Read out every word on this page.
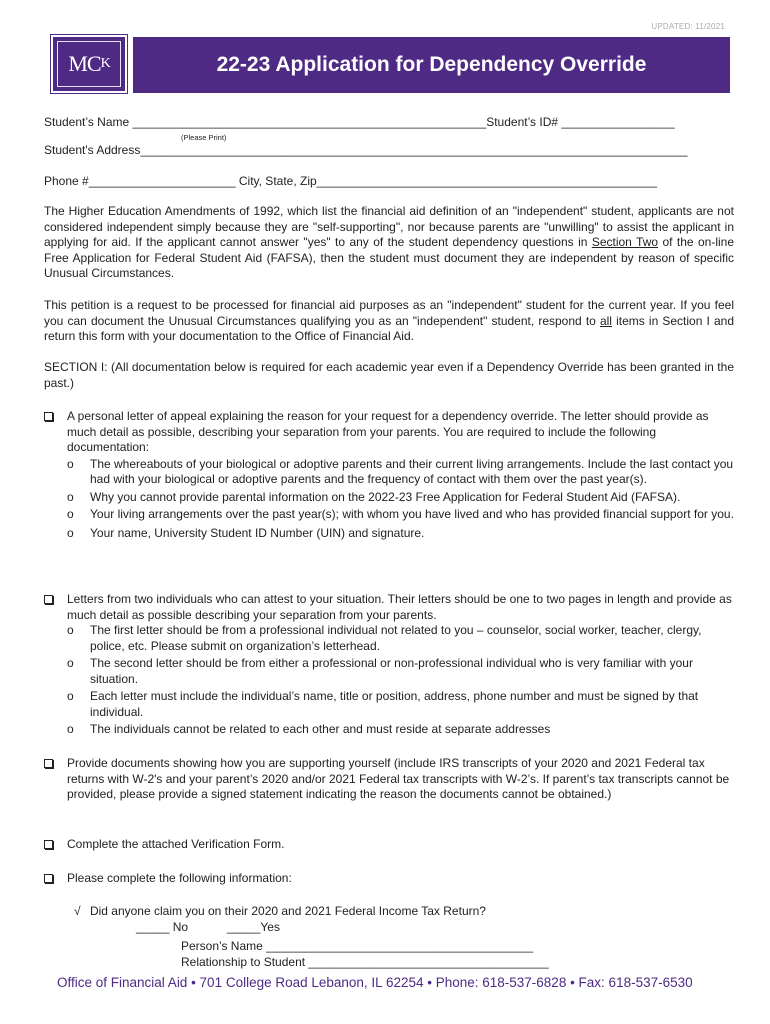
UPDATED: 11/2021
MC K	22-23 Application for Dependency Override
Student’s Name _____________________________________________________Student’s ID# _________________
(Please Print)
Student's Address__________________________________________________________________________________
Phone #______________________ City, State, Zip___________________________________________________
The Higher Education Amendments of 1992, which list the financial aid definition of an "independent" student, applicants are not considered independent simply because they are "self-supporting", nor because parents are "unwilling" to assist the applicant in applying for aid. If the applicant cannot answer "yes" to any of the student dependency questions in Section Two of the on-line Free Application for Federal Student Aid (FAFSA), then the student must document they are independent by reason of specific Unusual Circumstances.
This petition is a request to be processed for financial aid purposes as an "independent" student for the current year. If you feel you can document the Unusual Circumstances qualifying you as an "independent" student, respond to all items in Section I and return this form with your documentation to the Office of Financial Aid.
SECTION I: (All documentation below is required for each academic year even if a Dependency Override has been granted in the past.)
A personal letter of appeal explaining the reason for your request for a dependency override. The letter should provide as much detail as possible, describing your separation from your parents. You are required to include the following documentation:
o The whereabouts of your biological or adoptive parents and their current living arrangements. Include the last contact you had with your biological or adoptive parents and the frequency of contact with them over the past year(s).
o Why you cannot provide parental information on the 2022-23 Free Application for Federal Student Aid (FAFSA).
o Your living arrangements over the past year(s); with whom you have lived and who has provided financial support for you.
o Your name, University Student ID Number (UIN) and signature.
Letters from two individuals who can attest to your situation. Their letters should be one to two pages in length and provide as much detail as possible describing your separation from your parents.
o The first letter should be from a professional individual not related to you – counselor, social worker, teacher, clergy, police, etc. Please submit on organization’s letterhead.
o The second letter should be from either a professional or non-professional individual who is very familiar with your situation.
o Each letter must include the individual’s name, title or position, address, phone number and must be signed by that individual.
o The individuals cannot be related to each other and must reside at separate addresses
Provide documents showing how you are supporting yourself (include IRS transcripts of your 2020 and 2021 Federal tax returns with W-2's and your parent’s 2020 and/or 2021 Federal tax transcripts with W-2’s. If parent’s tax transcripts cannot be provided, please provide a signed statement indicating the reason the documents cannot be obtained.)
Complete the attached Verification Form.
Please complete the following information:
√ Did anyone claim you on their 2020 and 2021 Federal Income Tax Return?
_____ No	_____Yes
Person’s Name ________________________________________
Relationship to Student ____________________________________
Office of Financial Aid • 701 College Road Lebanon, IL 62254 • Phone: 618-537-6828 • Fax: 618-537-6530
